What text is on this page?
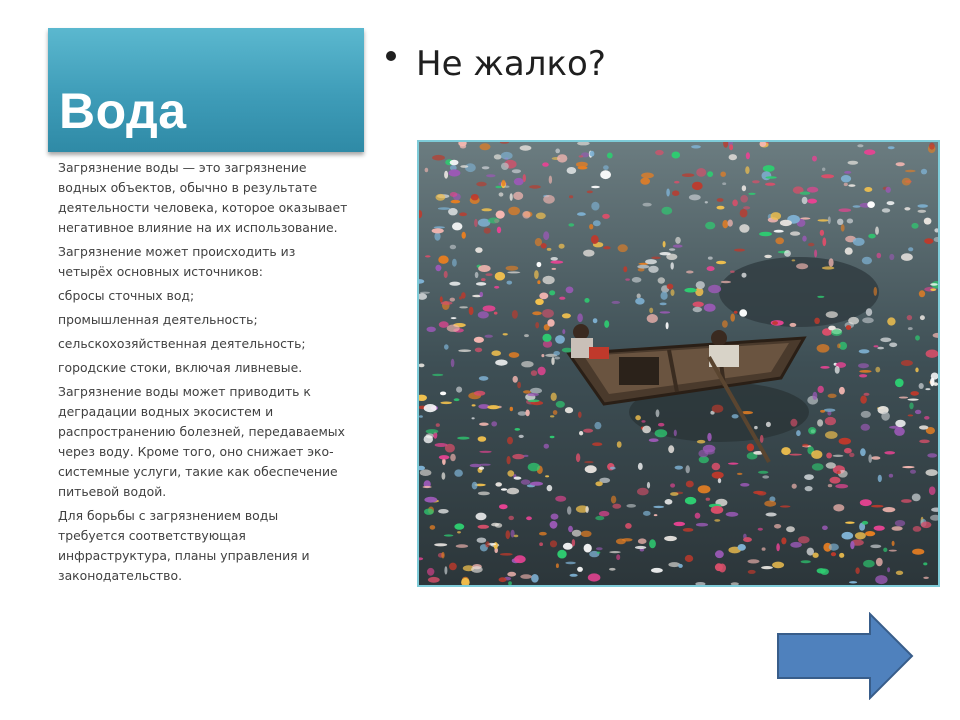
Вода

Загрязнение воды — это загрязнение водных объектов, обычно в результате деятельности человека, которое оказывает негативное влияние на их использование.

Загрязнение может происходить из четырёх основных источников:

сбросы сточных вод;

промышленная деятельность;

сельскохозяйственная деятельность;

городские стоки, включая ливневые.

Загрязнение воды может приводить к деградации водных экосистем и распространению болезней, передаваемых через воду. Кроме того, оно снижает эко-системные услуги, такие как обеспечение питьевой водой.

Для борьбы с загрязнением воды требуется соответствующая инфраструктура, планы управления и законодательство.

Не жалко?
